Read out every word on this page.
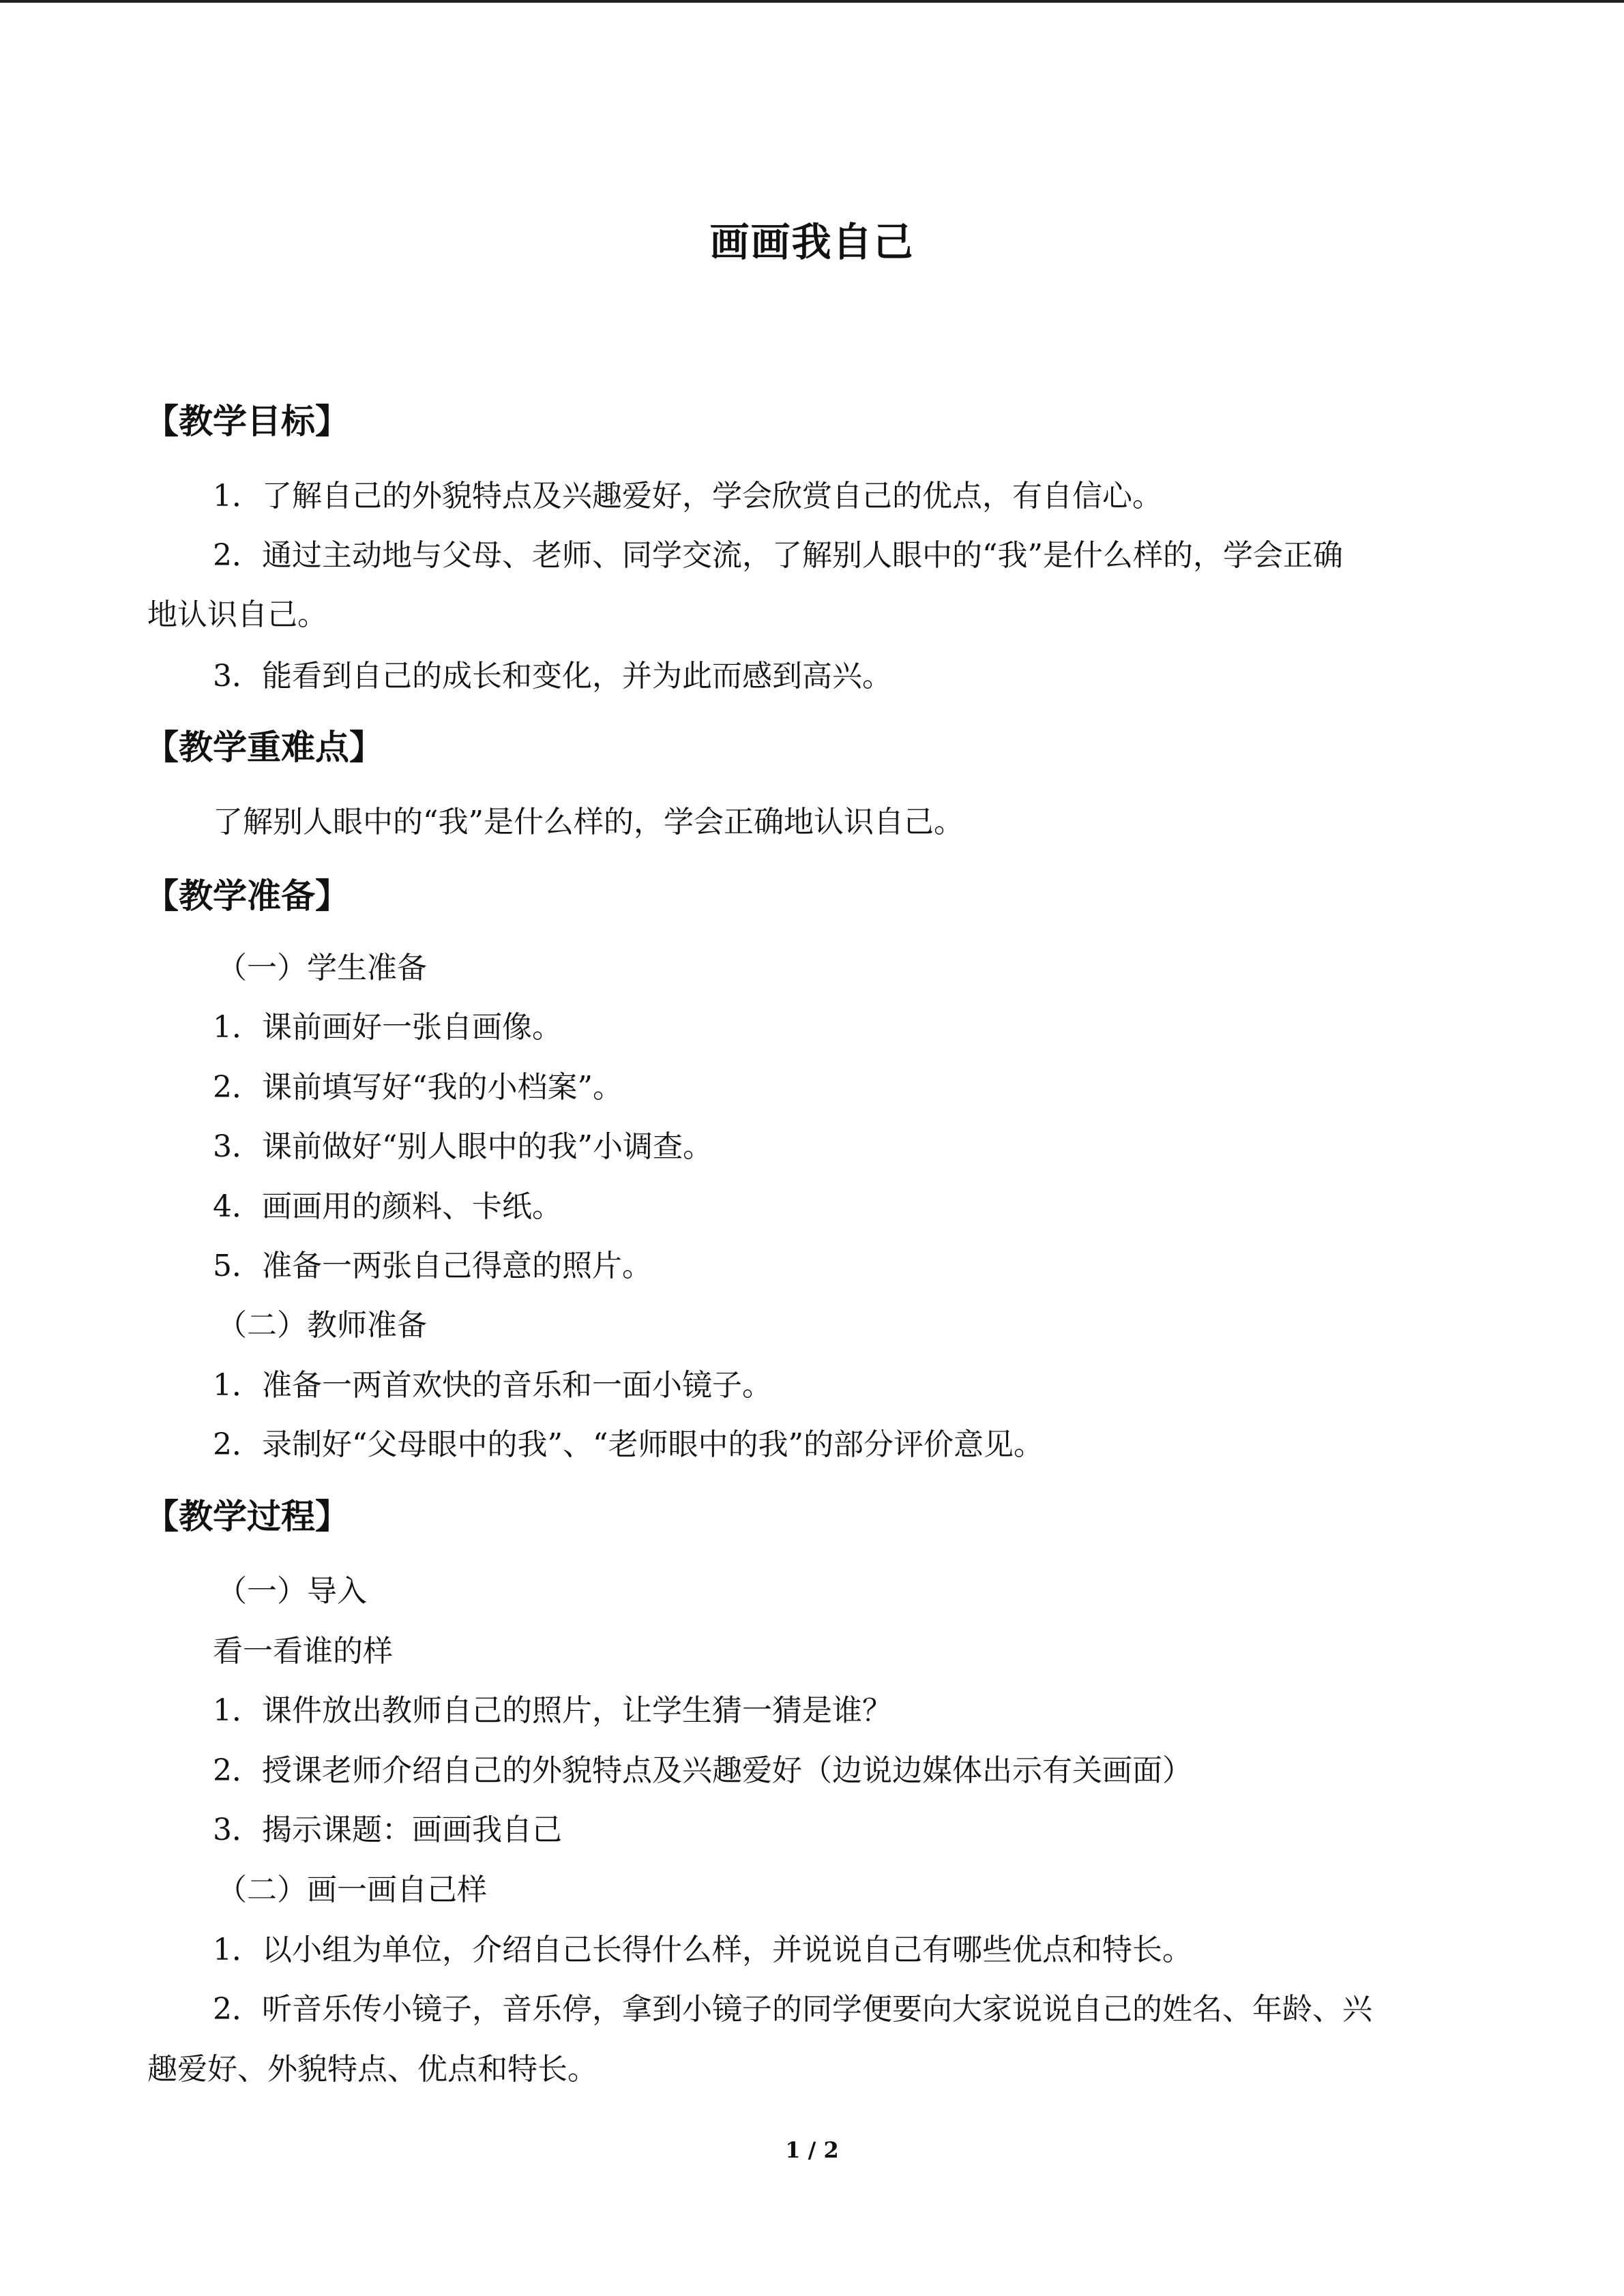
画画我自己
【教学目标】
1．了解自己的外貌特点及兴趣爱好，学会欣赏自己的优点，有自信心。
2．通过主动地与父母、老师、同学交流，了解别人眼中的“我”是什么样的，学会正确
地认识自己。
3．能看到自己的成长和变化，并为此而感到高兴。
【教学重难点】
了解别人眼中的“我”是什么样的，学会正确地认识自己。
【教学准备】
（一）学生准备
1．课前画好一张自画像。
2．课前填写好“我的小档案”。
3．课前做好“别人眼中的我”小调查。
4．画画用的颜料、卡纸。
5．准备一两张自己得意的照片。
（二）教师准备
1．准备一两首欢快的音乐和一面小镜子。
2．录制好“父母眼中的我”、“老师眼中的我”的部分评价意见。
【教学过程】
（一）导入
看一看谁的样
1．课件放出教师自己的照片，让学生猜一猜是谁？
2．授课老师介绍自己的外貌特点及兴趣爱好（边说边媒体出示有关画面）
3．揭示课题：画画我自己
（二）画一画自己样
1．以小组为单位，介绍自己长得什么样，并说说自己有哪些优点和特长。
2．听音乐传小镜子，音乐停，拿到小镜子的同学便要向大家说说自己的姓名、年龄、兴
趣爱好、外貌特点、优点和特长。
1 / 2
